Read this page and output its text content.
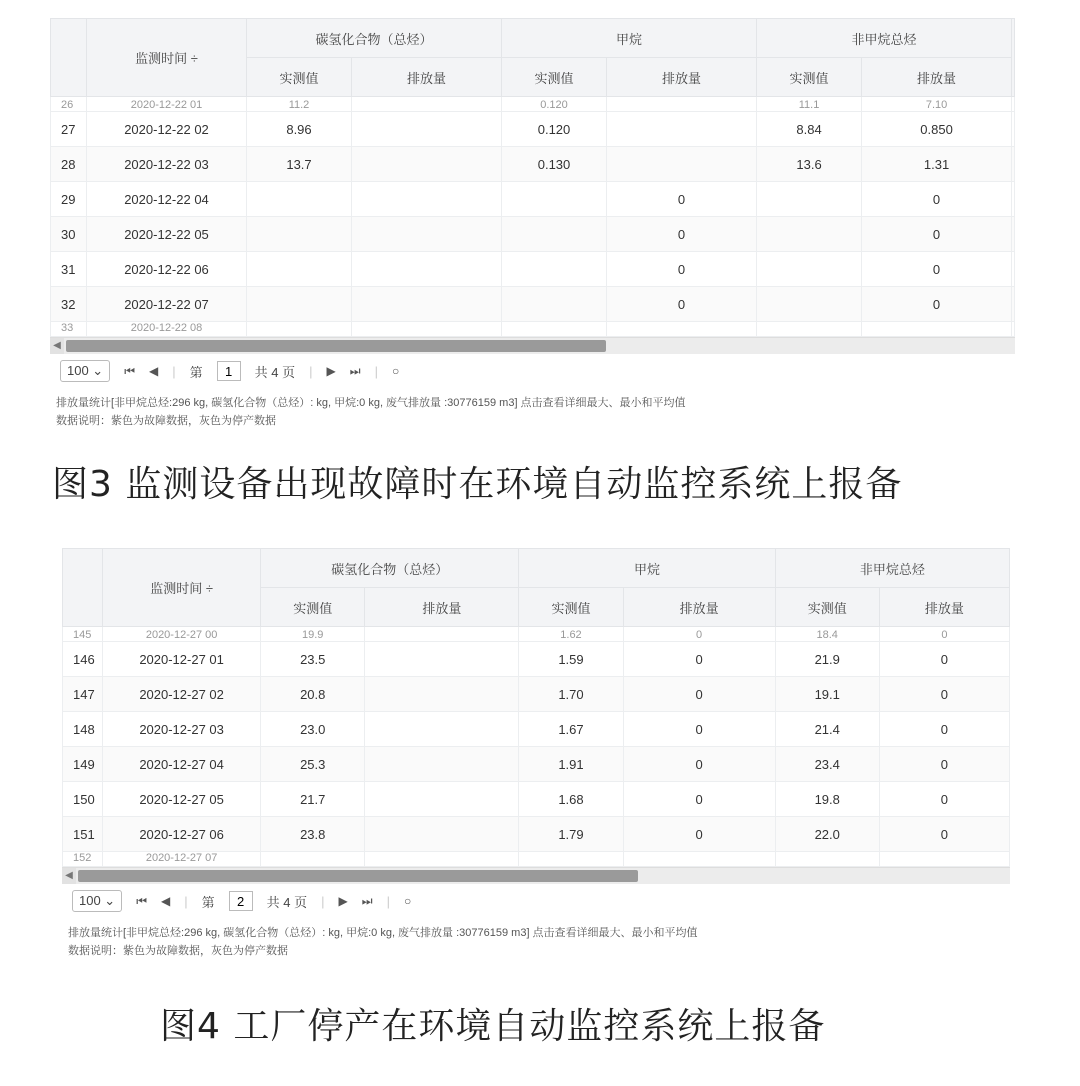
	监测时间 ÷	碳氢化合物（总烃）		甲烷		非甲烷总烃		
		实测值	排放量	实测值	排放量	实测值	排放量	
26	2020-12-22 01	11.2		0.120		11.1	7.10	
27	2020-12-22 02	8.96		0.120		8.84	0.850	
28	2020-12-22 03	13.7		0.130		13.6	1.31	
29	2020-12-22 04				0		0	
30	2020-12-22 05				0		0	
31	2020-12-22 06				0		0	
32	2020-12-22 07				0		0	
33	2020-12-22 08							
◀
100 ⌄	⏮ ◀ | 第
1	共 4 页 | ▶ ⏭ | ○
排放量统计[非甲烷总烃:296 kg, 碳氢化合物（总烃）: kg, 甲烷:0 kg, 废气排放量 :30776159 m3] 点击查看详细最大、最小和平均值
数据说明：紫色为故障数据，灰色为停产数据
图3 监测设备出现故障时在环境自动监控系统上报备
	监测时间 ÷	碳氢化合物（总烃）		甲烷		非甲烷总烃	
		实测值	排放量	实测值	排放量	实测值	排放量
145	2020-12-27 00	19.9		1.62	0	18.4	0
146	2020-12-27 01	23.5		1.59	0	21.9	0
147	2020-12-27 02	20.8		1.70	0	19.1	0
148	2020-12-27 03	23.0		1.67	0	21.4	0
149	2020-12-27 04	25.3		1.91	0	23.4	0
150	2020-12-27 05	21.7		1.68	0	19.8	0
151	2020-12-27 06	23.8		1.79	0	22.0	0
152	2020-12-27 07						
◀
100 ⌄	⏮ ◀ | 第
2	共 4 页 | ▶ ⏭ | ○
排放量统计[非甲烷总烃:296 kg, 碳氢化合物（总烃）: kg, 甲烷:0 kg, 废气排放量 :30776159 m3] 点击查看详细最大、最小和平均值
数据说明：紫色为故障数据，灰色为停产数据
图4 工厂停产在环境自动监控系统上报备
